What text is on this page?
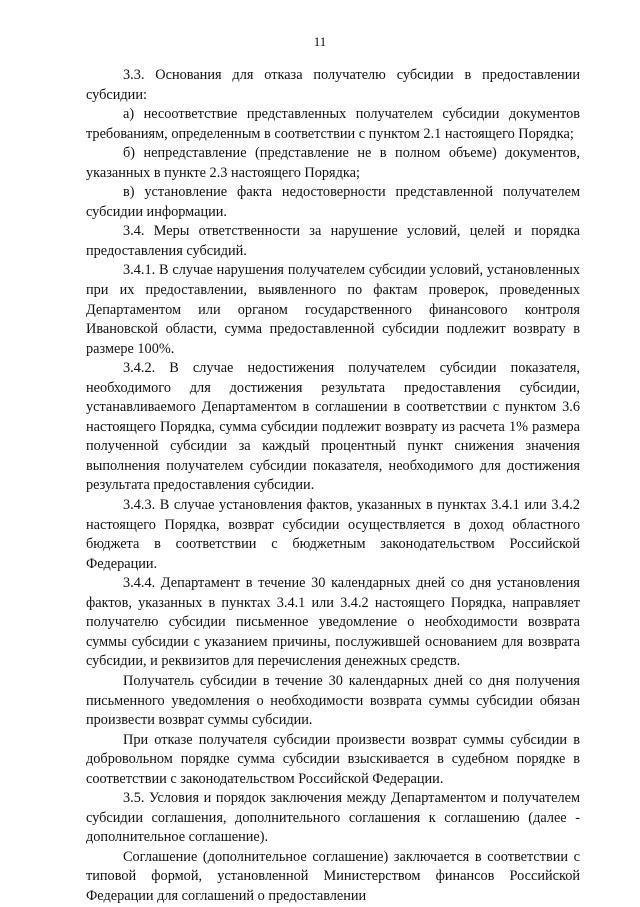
11

3.3. Основания для отказа получателю субсидии в предоставлении субсидии:

а) несоответствие представленных получателем субсидии документов требованиям, определенным в соответствии с пунктом 2.1 настоящего Порядка;

б) непредставление (представление не в полном объеме) документов, указанных в пункте 2.3 настоящего Порядка;

в) установление факта недостоверности представленной получателем субсидии информации.

3.4. Меры ответственности за нарушение условий, целей и порядка предоставления субсидий.

3.4.1. В случае нарушения получателем субсидии условий, установленных при их предоставлении, выявленного по фактам проверок, проведенных Департаментом или органом государственного финансового контроля Ивановской области, сумма предоставленной субсидии подлежит возврату в размере 100%.

3.4.2. В случае недостижения получателем субсидии показателя, необходимого для достижения результата предоставления субсидии, устанавливаемого Департаментом в соглашении в соответствии с пунктом 3.6 настоящего Порядка, сумма субсидии подлежит возврату из расчета 1% размера полученной субсидии за каждый процентный пункт снижения значения выполнения получателем субсидии показателя, необходимого для достижения результата предоставления субсидии.

3.4.3. В случае установления фактов, указанных в пунктах 3.4.1 или 3.4.2 настоящего Порядка, возврат субсидии осуществляется в доход областного бюджета в соответствии с бюджетным законодательством Российской Федерации.

3.4.4. Департамент в течение 30 календарных дней со дня установления фактов, указанных в пунктах 3.4.1 или 3.4.2 настоящего Порядка, направляет получателю субсидии письменное уведомление о необходимости возврата суммы субсидии с указанием причины, послужившей основанием для возврата субсидии, и реквизитов для перечисления денежных средств.

Получатель субсидии в течение 30 календарных дней со дня получения письменного уведомления о необходимости возврата суммы субсидии обязан произвести возврат суммы субсидии.

При отказе получателя субсидии произвести возврат суммы субсидии в добровольном порядке сумма субсидии взыскивается в судебном порядке в соответствии с законодательством Российской Федерации.

3.5. Условия и порядок заключения между Департаментом и получателем субсидии соглашения, дополнительного соглашения к соглашению (далее - дополнительное соглашение).

Соглашение (дополнительное соглашение) заключается в соответствии с типовой формой, установленной Министерством финансов Российской Федерации для соглашений о предоставлении
